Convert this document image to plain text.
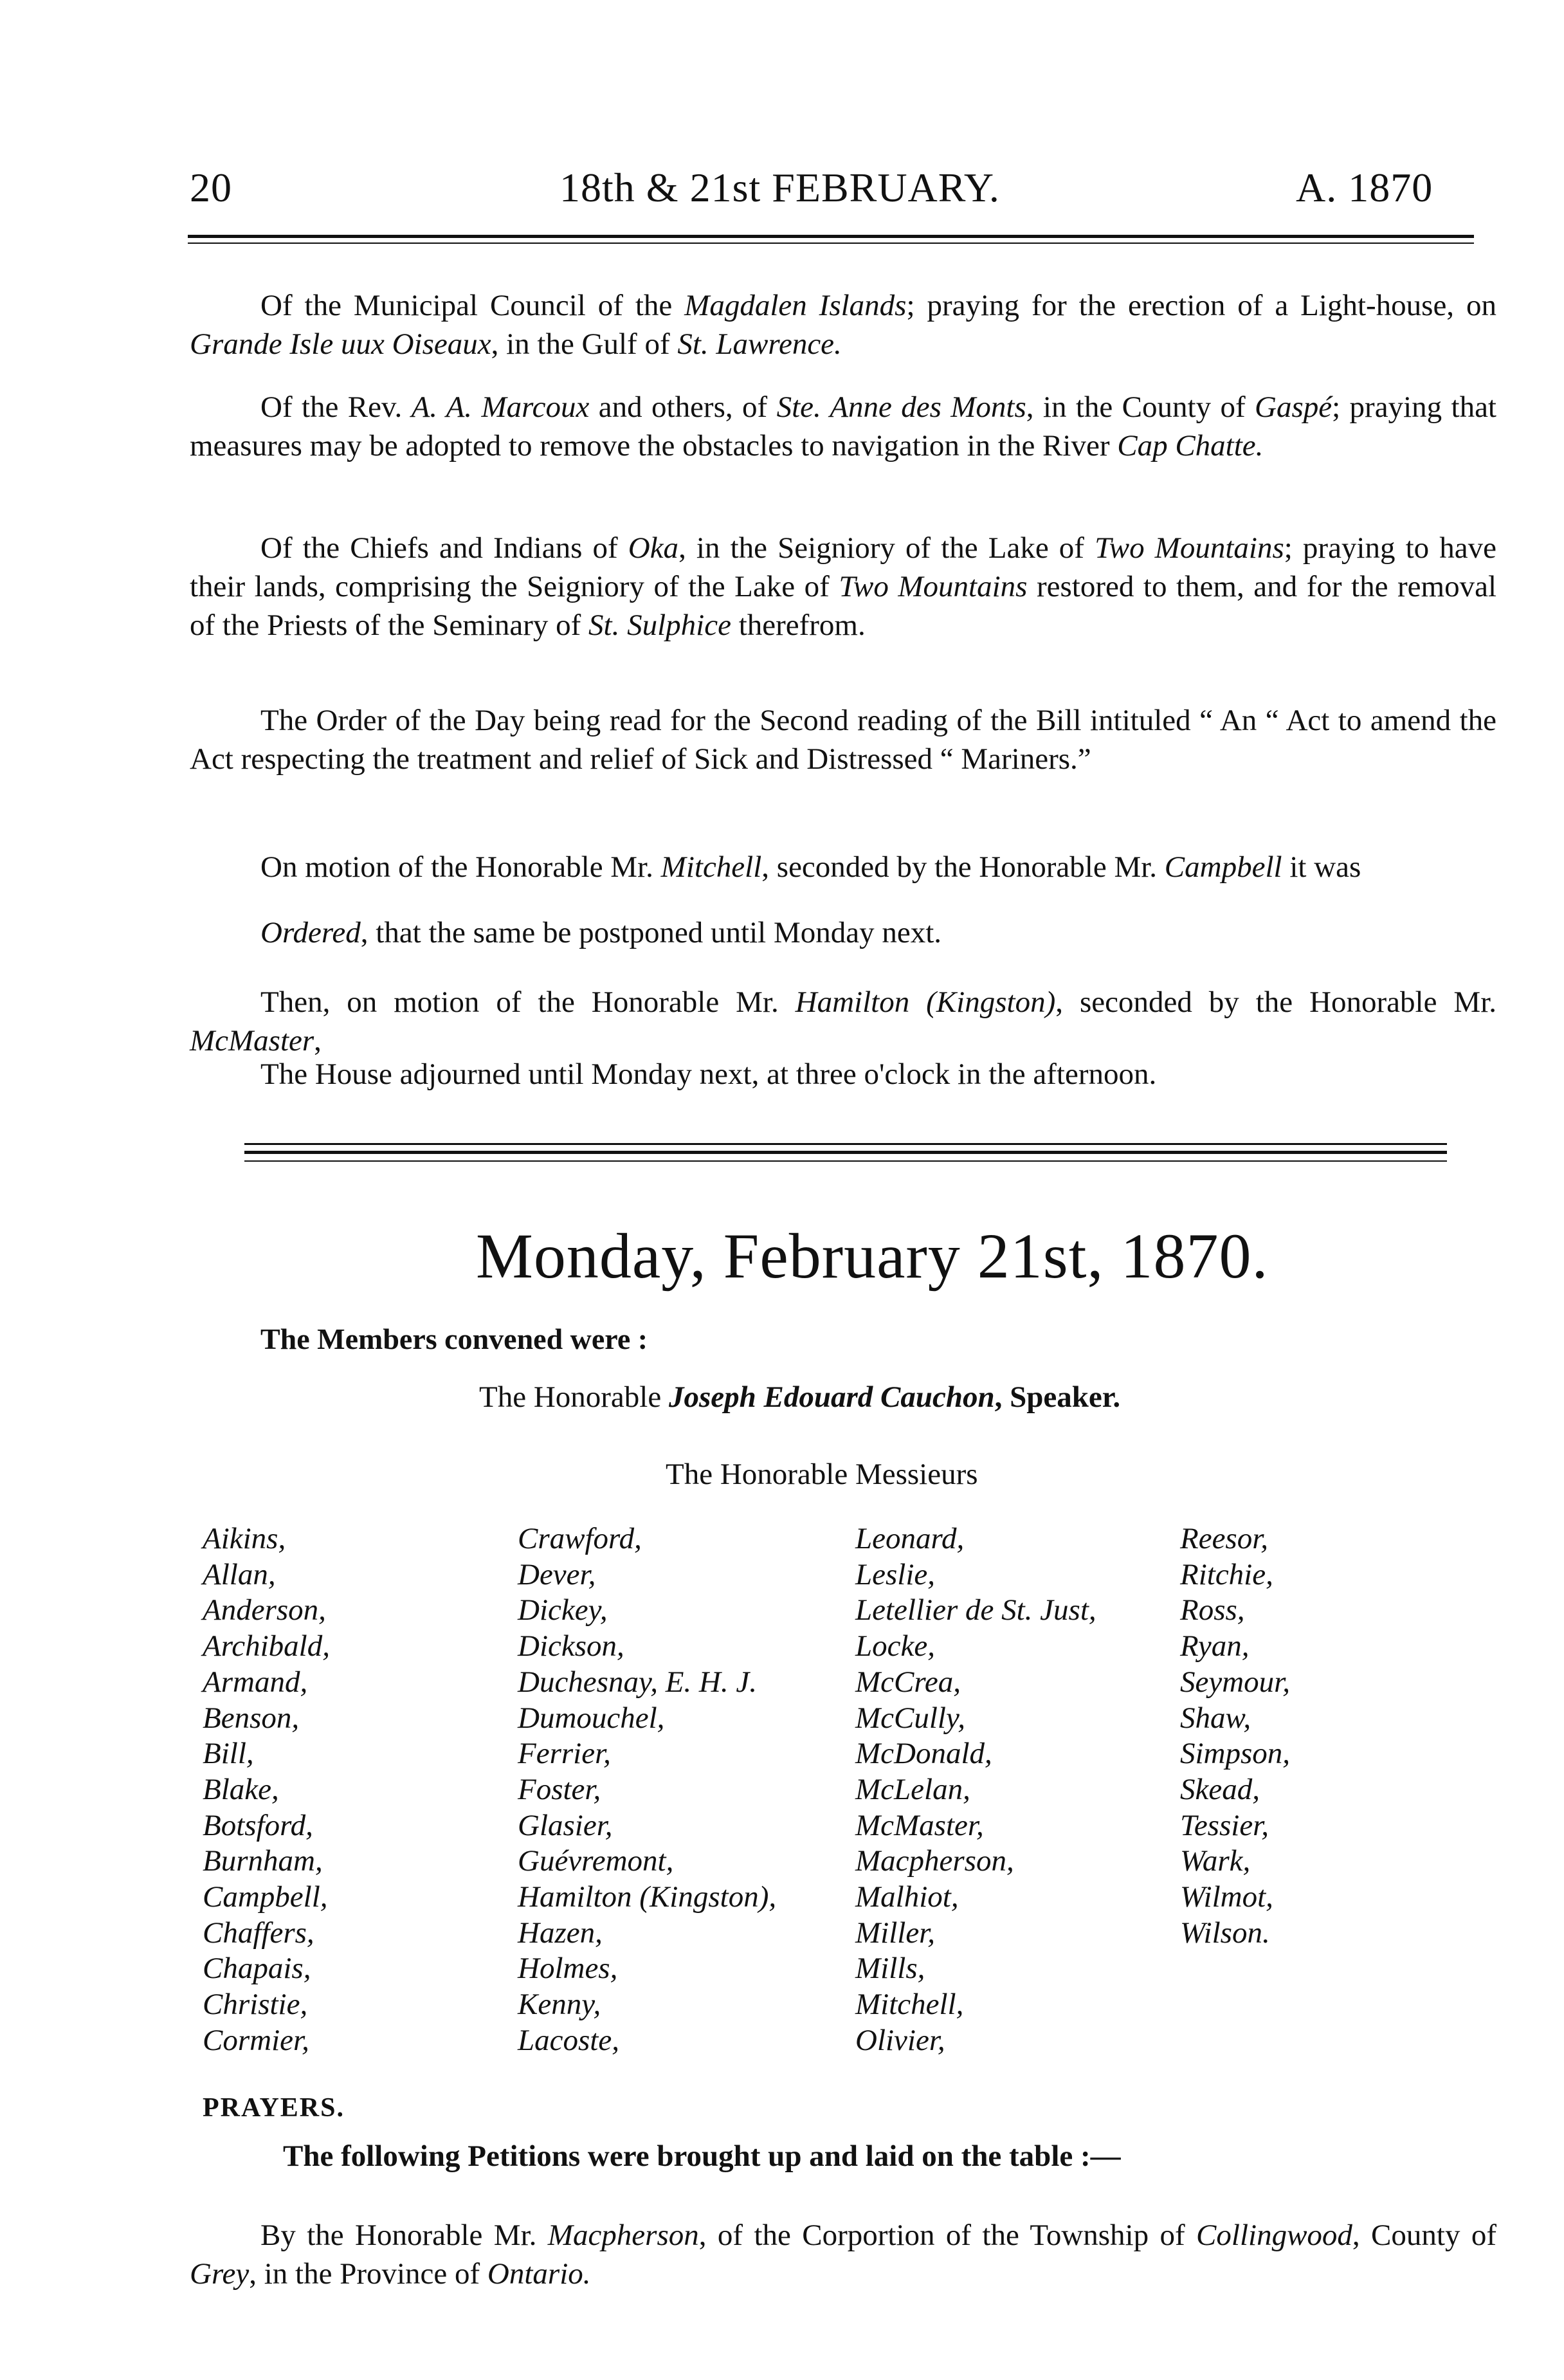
20	18th & 21st FEBRUARY.	A. 1870

Of the Municipal Council of the Magdalen Islands; praying for the erection of a Light-house, on Grande Isle uux Oiseaux, in the Gulf of St. Lawrence.

Of the Rev. A. A. Marcoux and others, of Ste. Anne des Monts, in the County of Gaspé; praying that measures may be adopted to remove the obstacles to navigation in the River Cap Chatte.

Of the Chiefs and Indians of Oka, in the Seigniory of the Lake of Two Mountains; praying to have their lands, comprising the Seigniory of the Lake of Two Mountains restored to them, and for the removal of the Priests of the Seminary of St. Sulphice therefrom.

The Order of the Day being read for the Second reading of the Bill intituled “ An “ Act to amend the Act respecting the treatment and relief of Sick and Distressed “ Mariners.”

On motion of the Honorable Mr. Mitchell, seconded by the Honorable Mr. Campbell it was

Ordered, that the same be postponed until Monday next.

Then, on motion of the Honorable Mr. Hamilton (Kingston), seconded by the Honorable Mr. McMaster,

The House adjourned until Monday next, at three o'clock in the afternoon.

Monday, February 21st, 1870.
The Members convened were :
The Honorable Joseph Edouard Cauchon, Speaker.
The Honorable Messieurs
Aikins,
Allan,
Anderson,
Archibald,
Armand,
Benson,
Bill,
Blake,
Botsford,
Burnham,
Campbell,
Chaffers,
Chapais,
Christie,
Cormier,
Crawford,
Dever,
Dickey,
Dickson,
Duchesnay, E. H. J.
Dumouchel,
Ferrier,
Foster,
Glasier,
Guévremont,
Hamilton (Kingston),
Hazen,
Holmes,
Kenny,
Lacoste,
Leonard,
Leslie,
Letellier de St. Just,
Locke,
McCrea,
McCully,
McDonald,
McLelan,
McMaster,
Macpherson,
Malhiot,
Miller,
Mills,
Mitchell,
Olivier,
Reesor,
Ritchie,
Ross,
Ryan,
Seymour,
Shaw,
Simpson,
Skead,
Tessier,
Wark,
Wilmot,
Wilson.
PRAYERS.
The following Petitions were brought up and laid on the table :—

By the Honorable Mr. Macpherson, of the Corportion of the Township of Collingwood, County of Grey, in the Province of Ontario.
